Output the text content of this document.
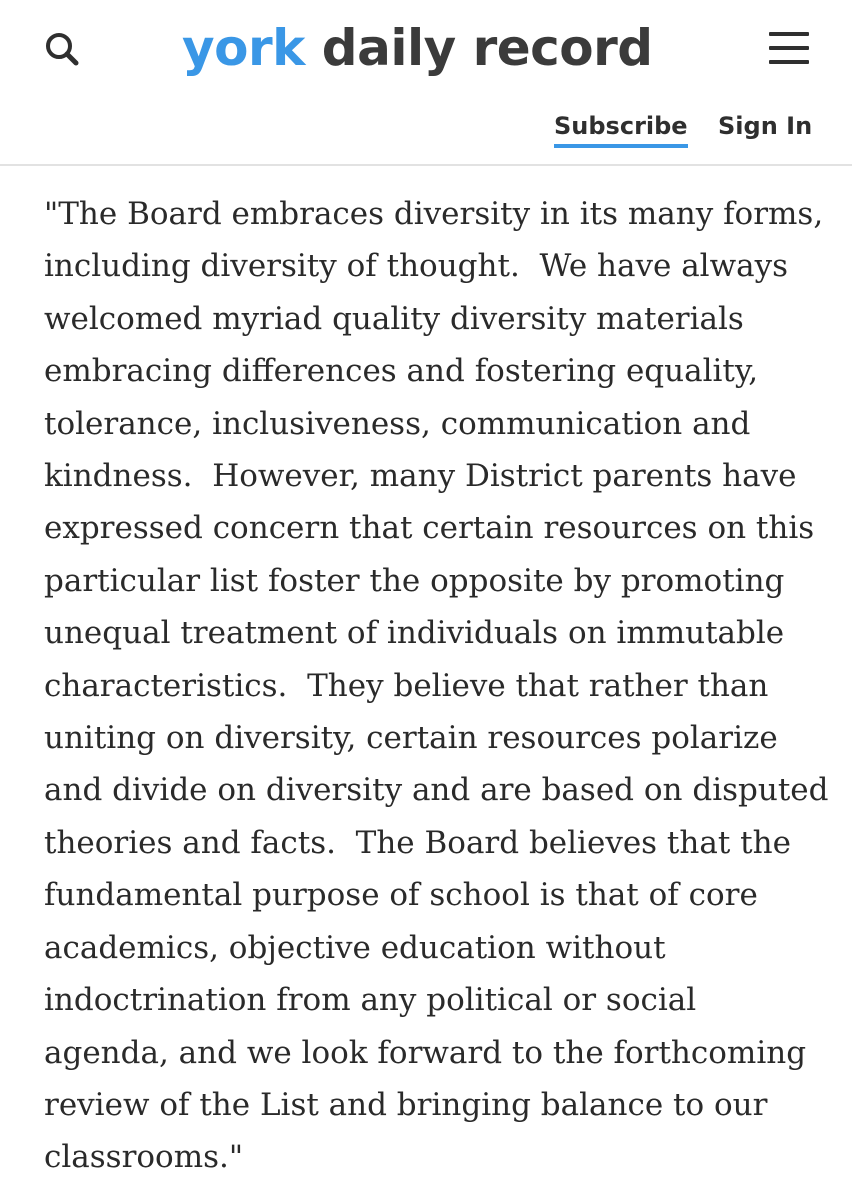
york daily record
Subscribe Sign In

"The Board embraces diversity in its many forms,
including diversity of thought.  We have always
welcomed myriad quality diversity materials
embracing differences and fostering equality,
tolerance, inclusiveness, communication and
kindness.  However, many District parents have
expressed concern that certain resources on this
particular list foster the opposite by promoting
unequal treatment of individuals on immutable
characteristics.  They believe that rather than
uniting on diversity, certain resources polarize
and divide on diversity and are based on disputed
theories and facts.  The Board believes that the
fundamental purpose of school is that of core
academics, objective education without
indoctrination from any political or social
agenda, and we look forward to the forthcoming
review of the List and bringing balance to our
classrooms."
